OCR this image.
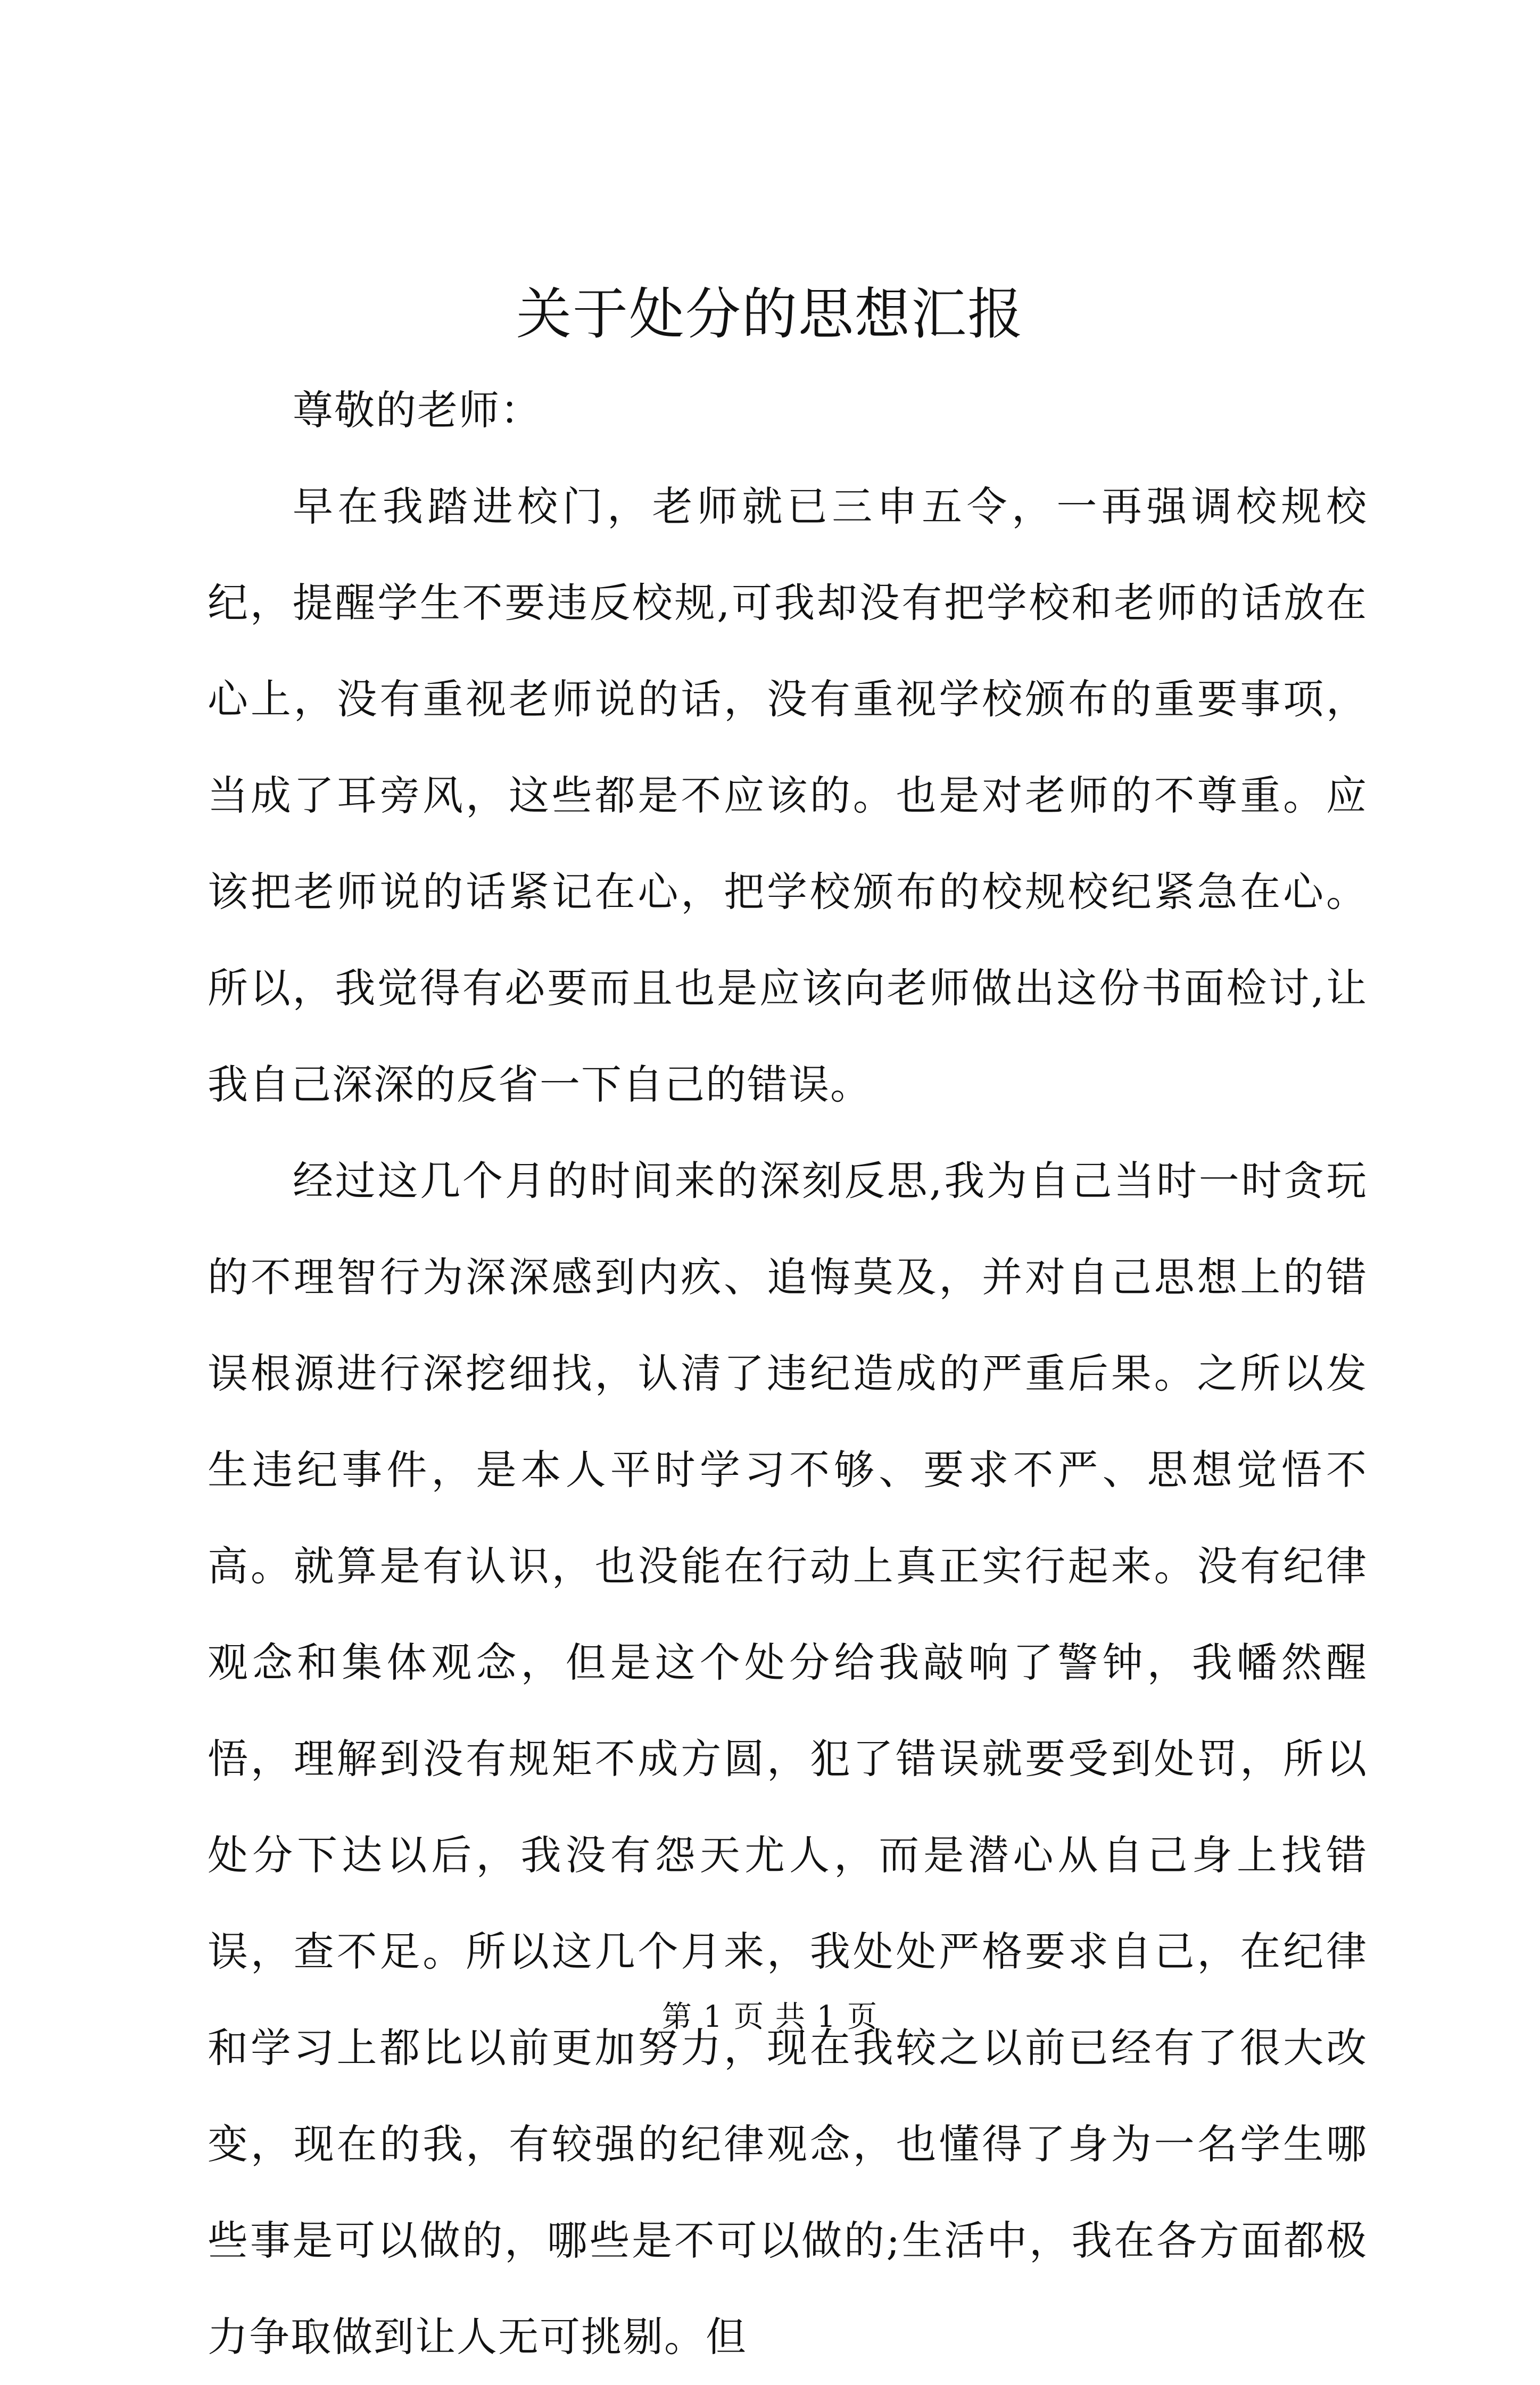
关于处分的思想汇报

尊敬的老师：

早在我踏进校门，老师就已三申五令，一再强调校规校纪，提醒学生不要违反校规,可我却没有把学校和老师的话放在心上，没有重视老师说的话，没有重视学校颁布的重要事项，当成了耳旁风，这些都是不应该的。也是对老师的不尊重。应该把老师说的话紧记在心，把学校颁布的校规校纪紧急在心。所以，我觉得有必要而且也是应该向老师做出这份书面检讨,让我自己深深的反省一下自己的错误。

经过这几个月的时间来的深刻反思,我为自己当时一时贪玩的不理智行为深深感到内疚、追悔莫及，并对自己思想上的错误根源进行深挖细找，认清了违纪造成的严重后果。之所以发生违纪事件，是本人平时学习不够、要求不严、思想觉悟不高。就算是有认识，也没能在行动上真正实行起来。没有纪律观念和集体观念，但是这个处分给我敲响了警钟，我幡然醒悟，理解到没有规矩不成方圆，犯了错误就要受到处罚，所以处分下达以后，我没有怨天尤人，而是潜心从自己身上找错误，查不足。所以这几个月来，我处处严格要求自己，在纪律和学习上都比以前更加努力，现在我较之以前已经有了很大改变，现在的我，有较强的纪律观念，也懂得了身为一名学生哪些事是可以做的，哪些是不可以做的;生活中，我在各方面都极力争取做到让人无可挑剔。但

第 1 页 共 1 页
